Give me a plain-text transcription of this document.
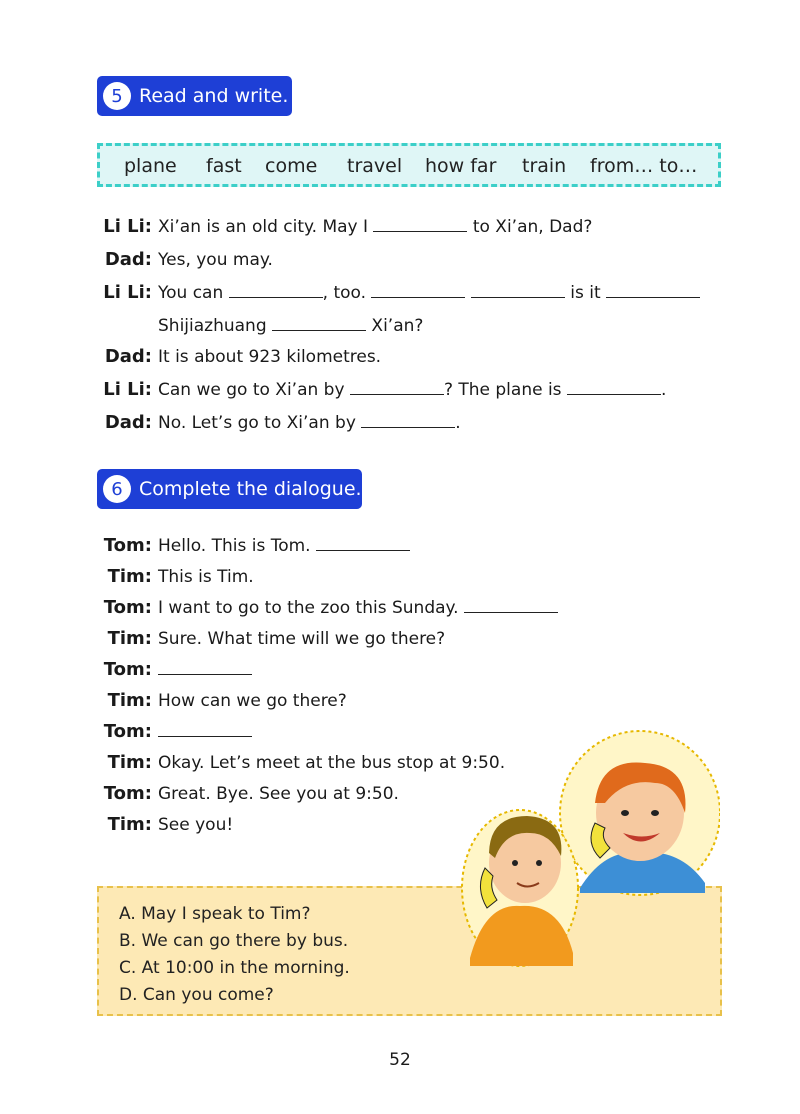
5 Read and write.
plane fast come travel how far train from… to…
Li Li: Xi’an is an old city. May I	to Xi’an, Dad?
Dad: Yes, you may.
Li Li: You can	, too.	is it
Shijiazhuang	Xi’an?
Dad: It is about 923 kilometres.
Li Li: Can we go to Xi’an by	? The plane is	.
Dad: No. Let’s go to Xi’an by	.
6 Complete the dialogue.
Tom: Hello. This is Tom.
Tim: This is Tim.
Tom: I want to go to the zoo this Sunday.
Tim: Sure. What time will we go there?
Tom:
Tim: How can we go there?
Tom:
Tim: Okay. Let’s meet at the bus stop at 9:50.
Tom: Great. Bye. See you at 9:50.
Tim: See you!
A. May I speak to Tim?
B. We can go there by bus.
C. At 10:00 in the morning.
D. Can you come?
52
